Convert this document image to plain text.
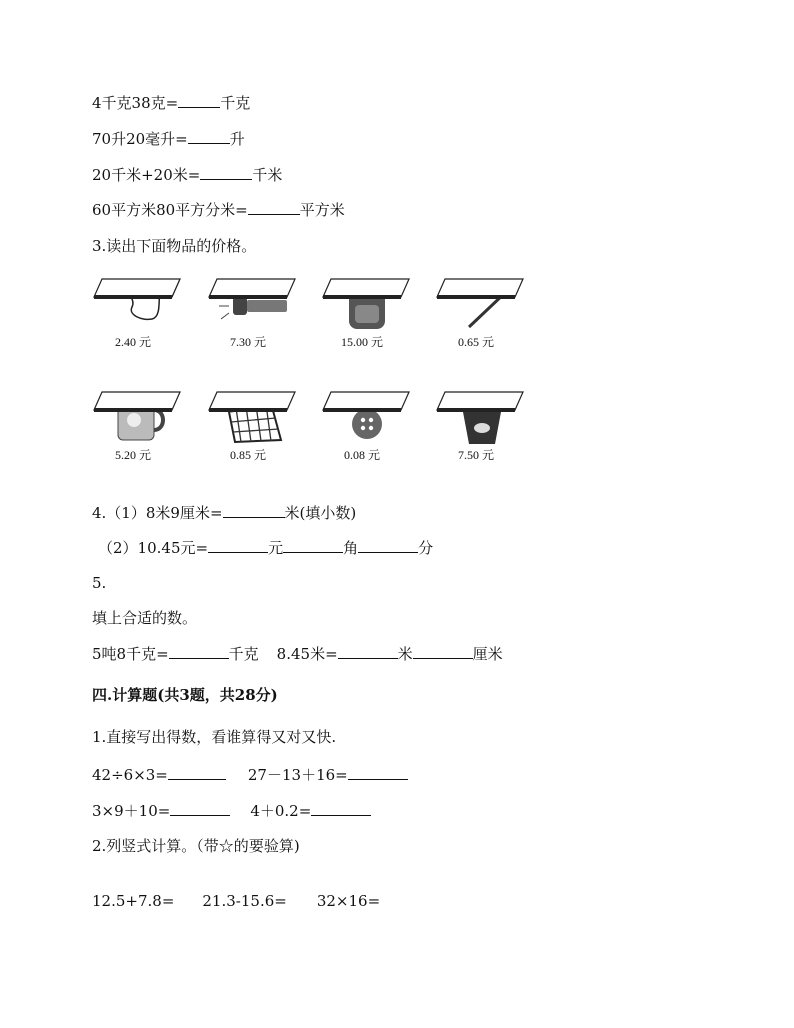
4千克38克=	千克
70升20毫升=	升
20千米+20米=	千米
60平方米80平方分米=	平方米
3.读出下面物品的价格。
2.40 元	7.30 元	15.00 元	0.65 元
5.20 元	0.85 元	0.08 元	7.50 元
4.（1）8米9厘米=	米(填小数)
（2）10.45元=	元	角	分
5.
填上合适的数。
5吨8千克=	千克 8.45米=	米	厘米
四.计算题(共3题，共28分)
1.直接写出得数，看谁算得又对又快.
42÷6×3=	27－13＋16=
3×9＋10=	4＋0.2=
2.列竖式计算。（带☆的要验算)
12.5+7.8= 21.3-15.6= 32×16=
